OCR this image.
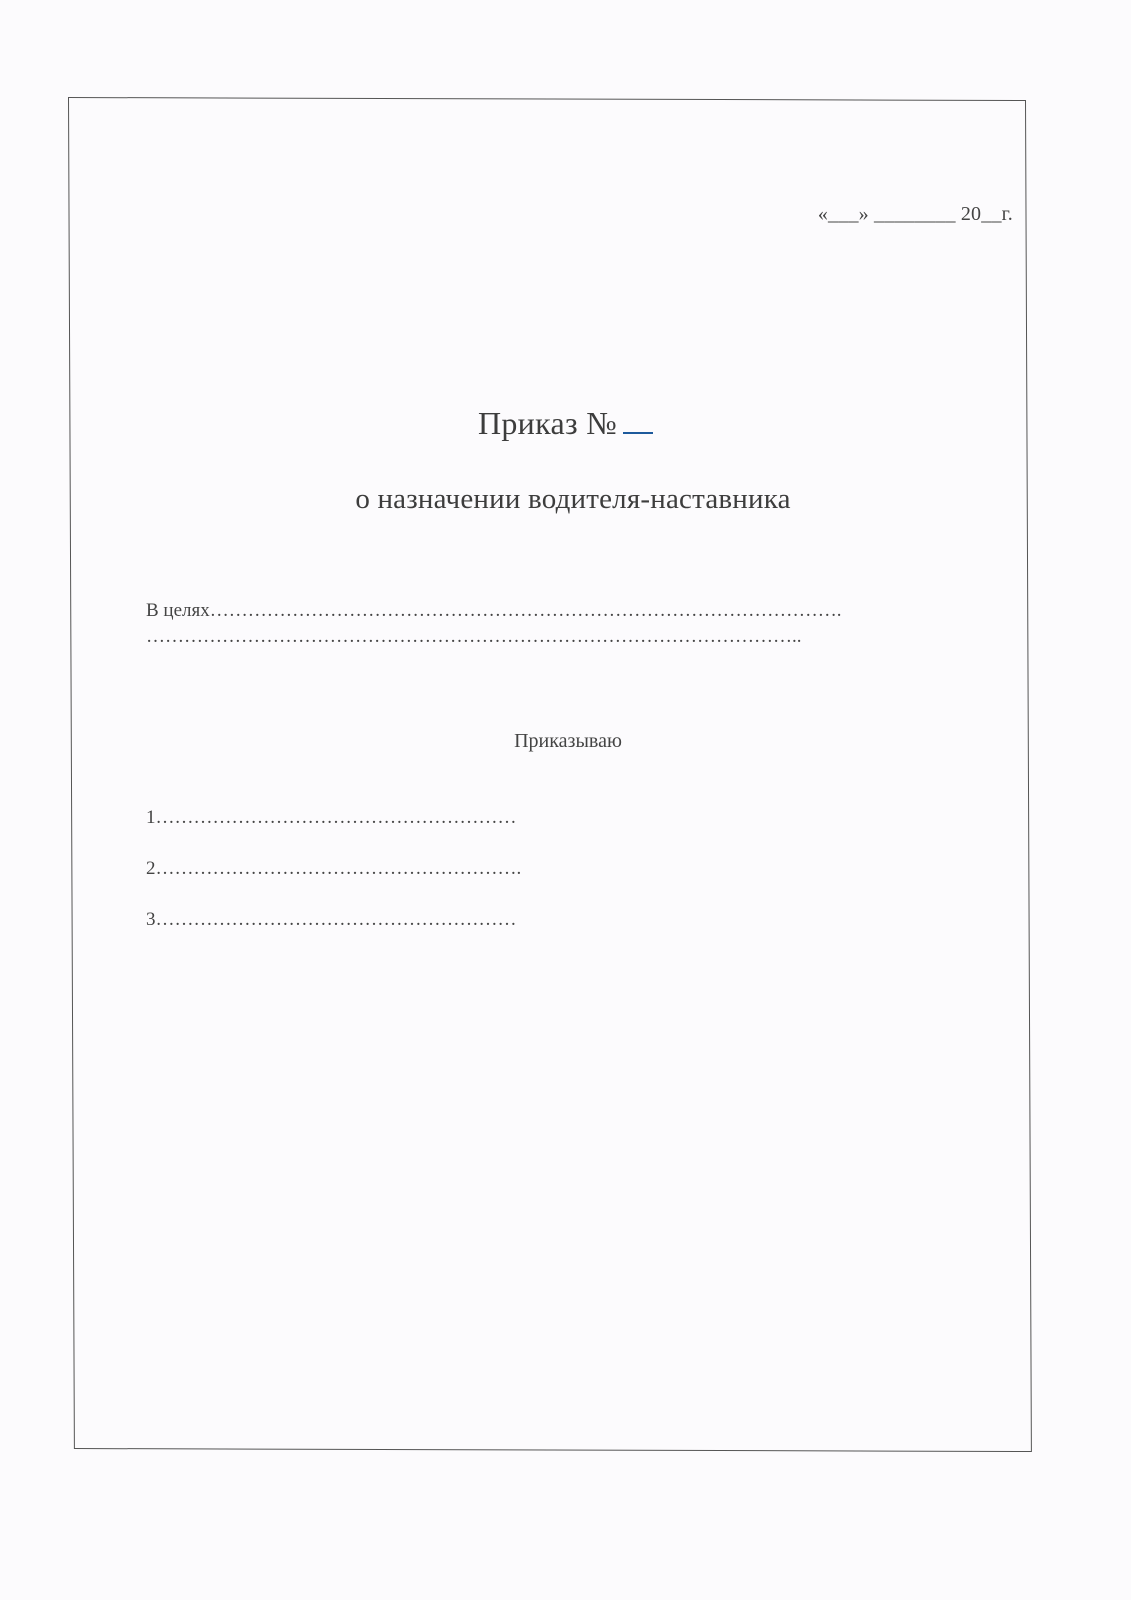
«___» ________ 20__г.
Приказ №
о назначении водителя-наставника
В целях……………………………………………………………………………………….
…………………………………………………………………………………………..
Приказываю
1…………………………………………………
2………………………………………………….
3…………………………………………………
